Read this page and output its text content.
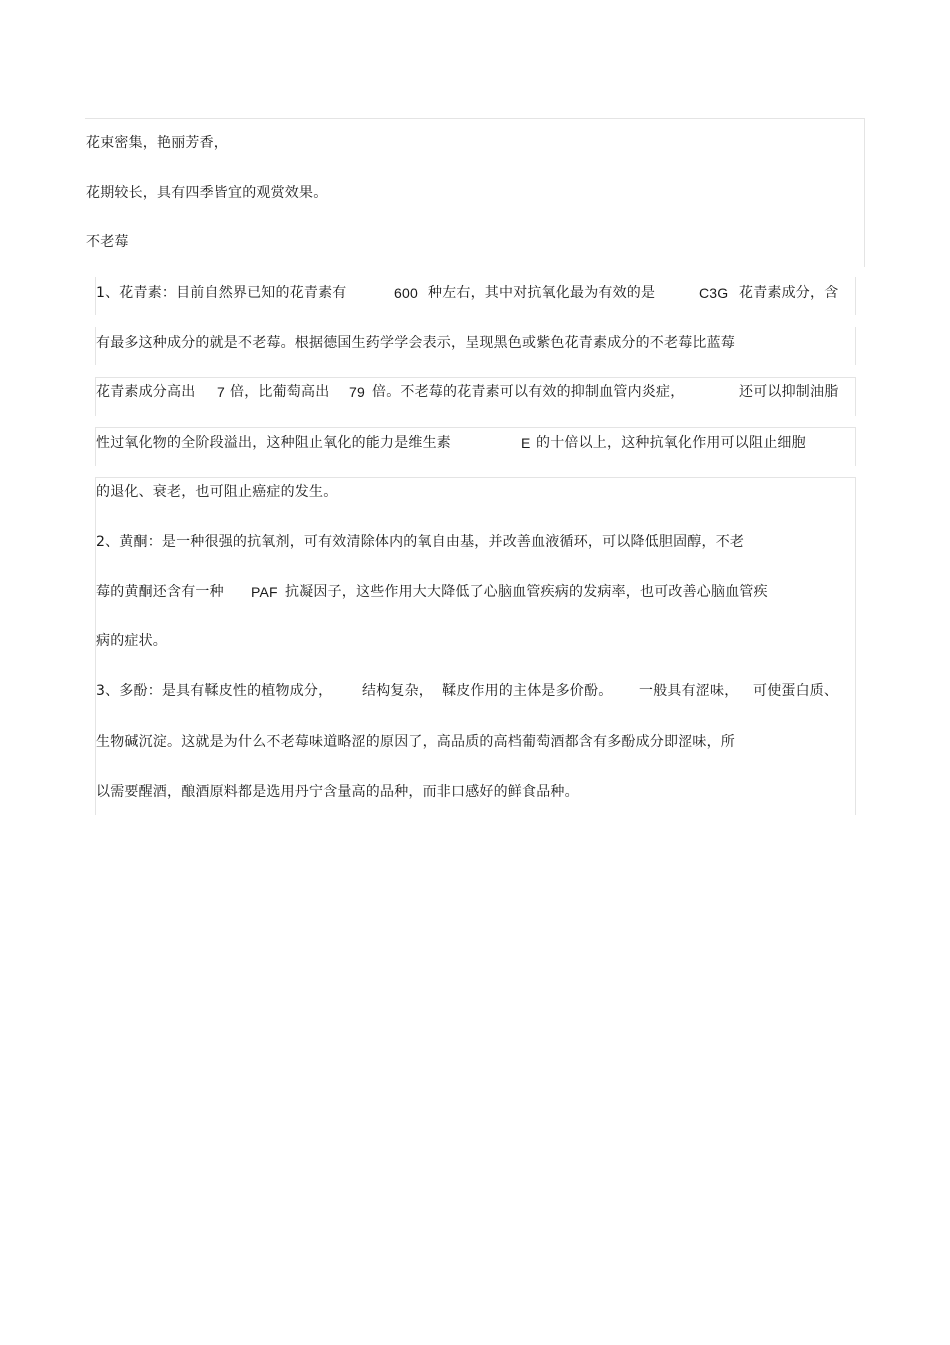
花束密集，艳丽芳香，
花期较长，具有四季皆宜的观赏效果。
不老莓
1、花青素：目前自然界已知的花青素有	600 种左右，其中对抗氧化最为有效的是	C3G 花青素成分，含
有最多这种成分的就是不老莓。根据德国生药学学会表示，呈现黑色或紫色花青素成分的不老莓比蓝莓
花青素成分高出 7 倍，比葡萄高出 79 倍。不老莓的花青素可以有效的抑制血管内炎症，	还可以抑制油脂
性过氧化物的全阶段溢出，这种阻止氧化的能力是维生素	E 的十倍以上，这种抗氧化作用可以阻止细胞
的退化、衰老，也可阻止癌症的发生。
2、黄酮：是一种很强的抗氧剂，可有效清除体内的氧自由基，并改善血液循环，可以降低胆固醇，不老
莓的黄酮还含有一种 PAF 抗凝因子，这些作用大大降低了心脑血管疾病的发病率，也可改善心脑血管疾
病的症状。
3、多酚：是具有鞣皮性的植物成分， 结构复杂， 鞣皮作用的主体是多价酚。 一般具有涩味， 可使蛋白质、
生物碱沉淀。这就是为什么不老莓味道略涩的原因了，高品质的高档葡萄酒都含有多酚成分即涩味，所
以需要醒酒，酿酒原料都是选用丹宁含量高的品种，而非口感好的鲜食品种。
